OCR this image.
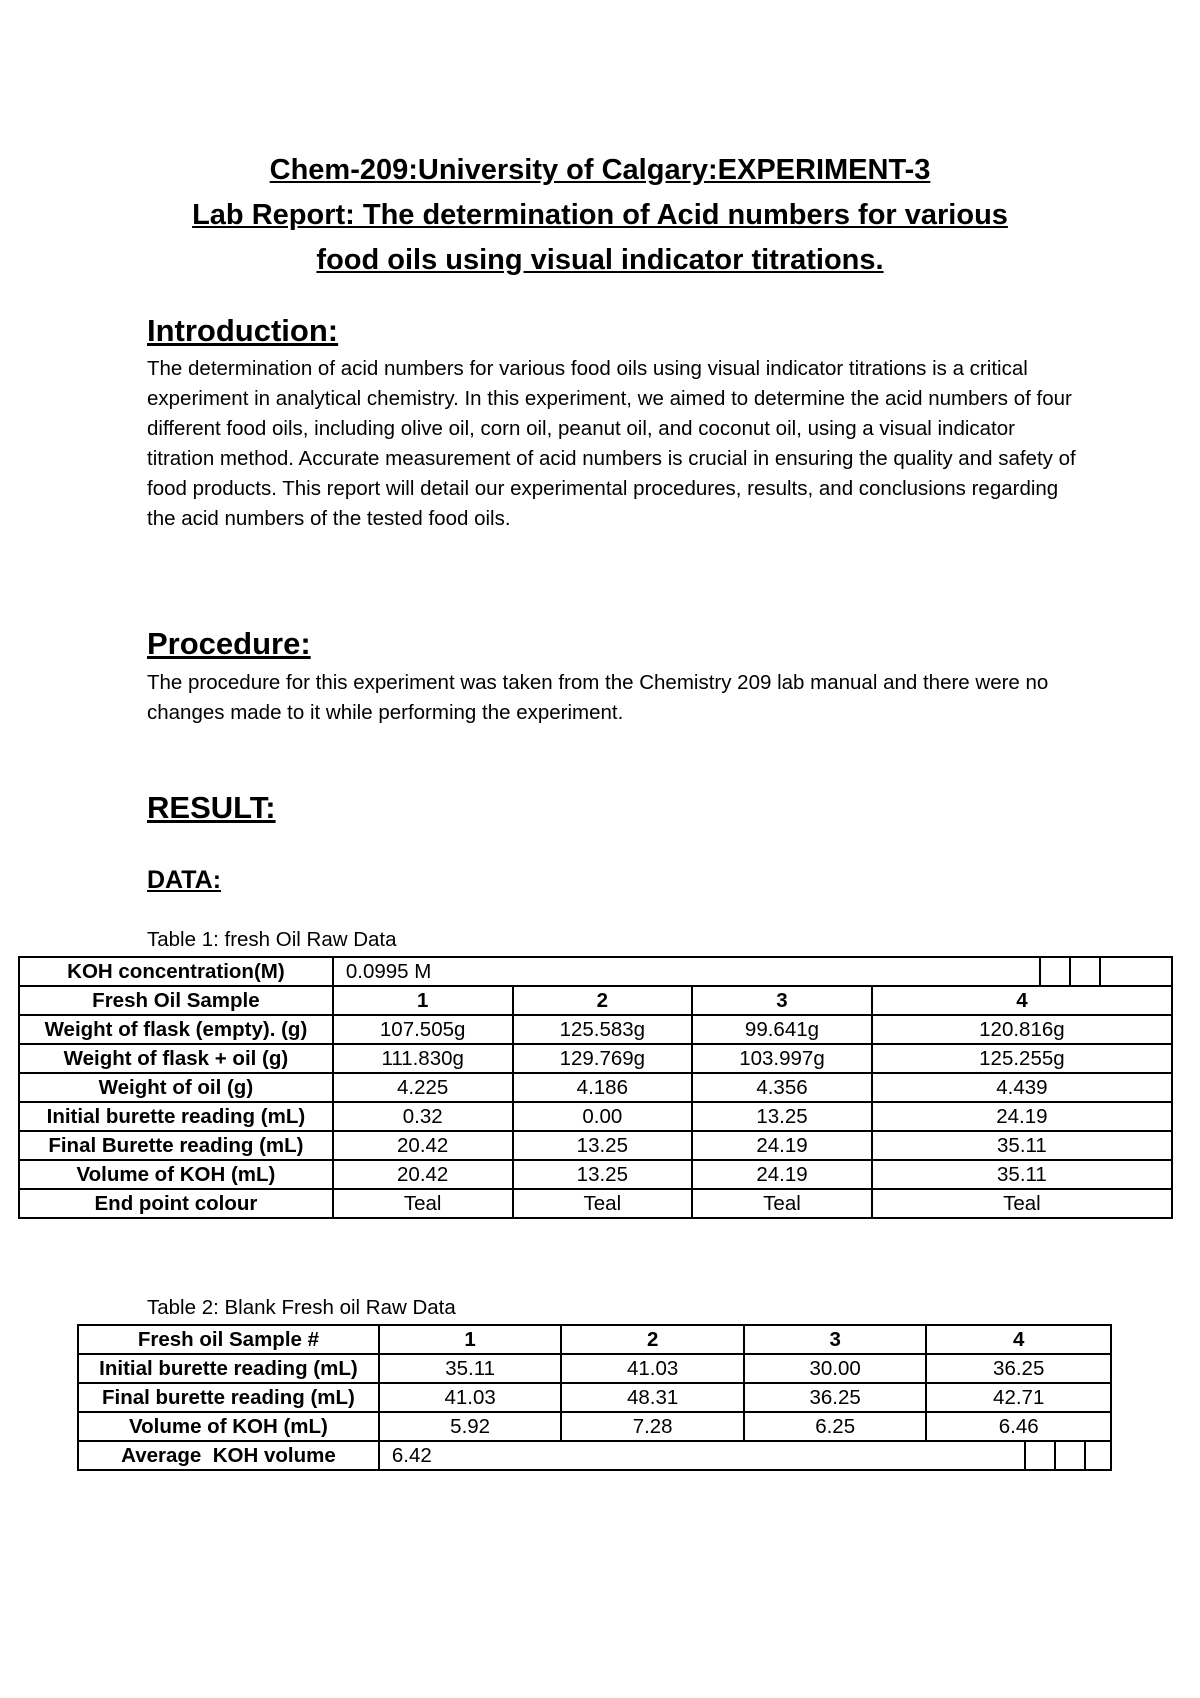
Chem-209:University of Calgary:EXPERIMENT-3
Lab Report: The determination of Acid numbers for various
food oils using visual indicator titrations.
Introduction:

The determination of acid numbers for various food oils using visual indicator titrations is a critical experiment in analytical chemistry. In this experiment, we aimed to determine the acid numbers of four different food oils, including olive oil, corn oil, peanut oil, and coconut oil, using a visual indicator titration method. Accurate measurement of acid numbers is crucial in ensuring the quality and safety of food products. This report will detail our experimental procedures, results, and conclusions regarding the acid numbers of the tested food oils.

Procedure:

The procedure for this experiment was taken from the Chemistry 209 lab manual and there were no changes made to it while performing the experiment.

RESULT:
DATA:
Table 1: fresh Oil Raw Data
KOH concentration(M)	0.0995 M			

Fresh Oil Sample	1	2	3	4
Weight of flask (empty). (g)	107.505g	125.583g	99.641g	120.816g
Weight of flask + oil (g)	111.830g	129.769g	103.997g	125.255g
Weight of oil (g)	4.225	4.186	4.356	4.439
Initial burette reading (mL)	0.32	0.00	13.25	24.19
Final Burette reading (mL)	20.42	13.25	24.19	35.11
Volume of KOH (mL)	20.42	13.25	24.19	35.11
End point colour	Teal	Teal	Teal	Teal
Table 2: Blank Fresh oil Raw Data
Fresh oil Sample #	1	2	3	4
Initial burette reading (mL)	35.11	41.03	30.00	36.25
Final burette reading (mL)	41.03	48.31	36.25	42.71
Volume of KOH (mL)	5.92	7.28	6.25	6.46
Average  KOH volume	6.42			
